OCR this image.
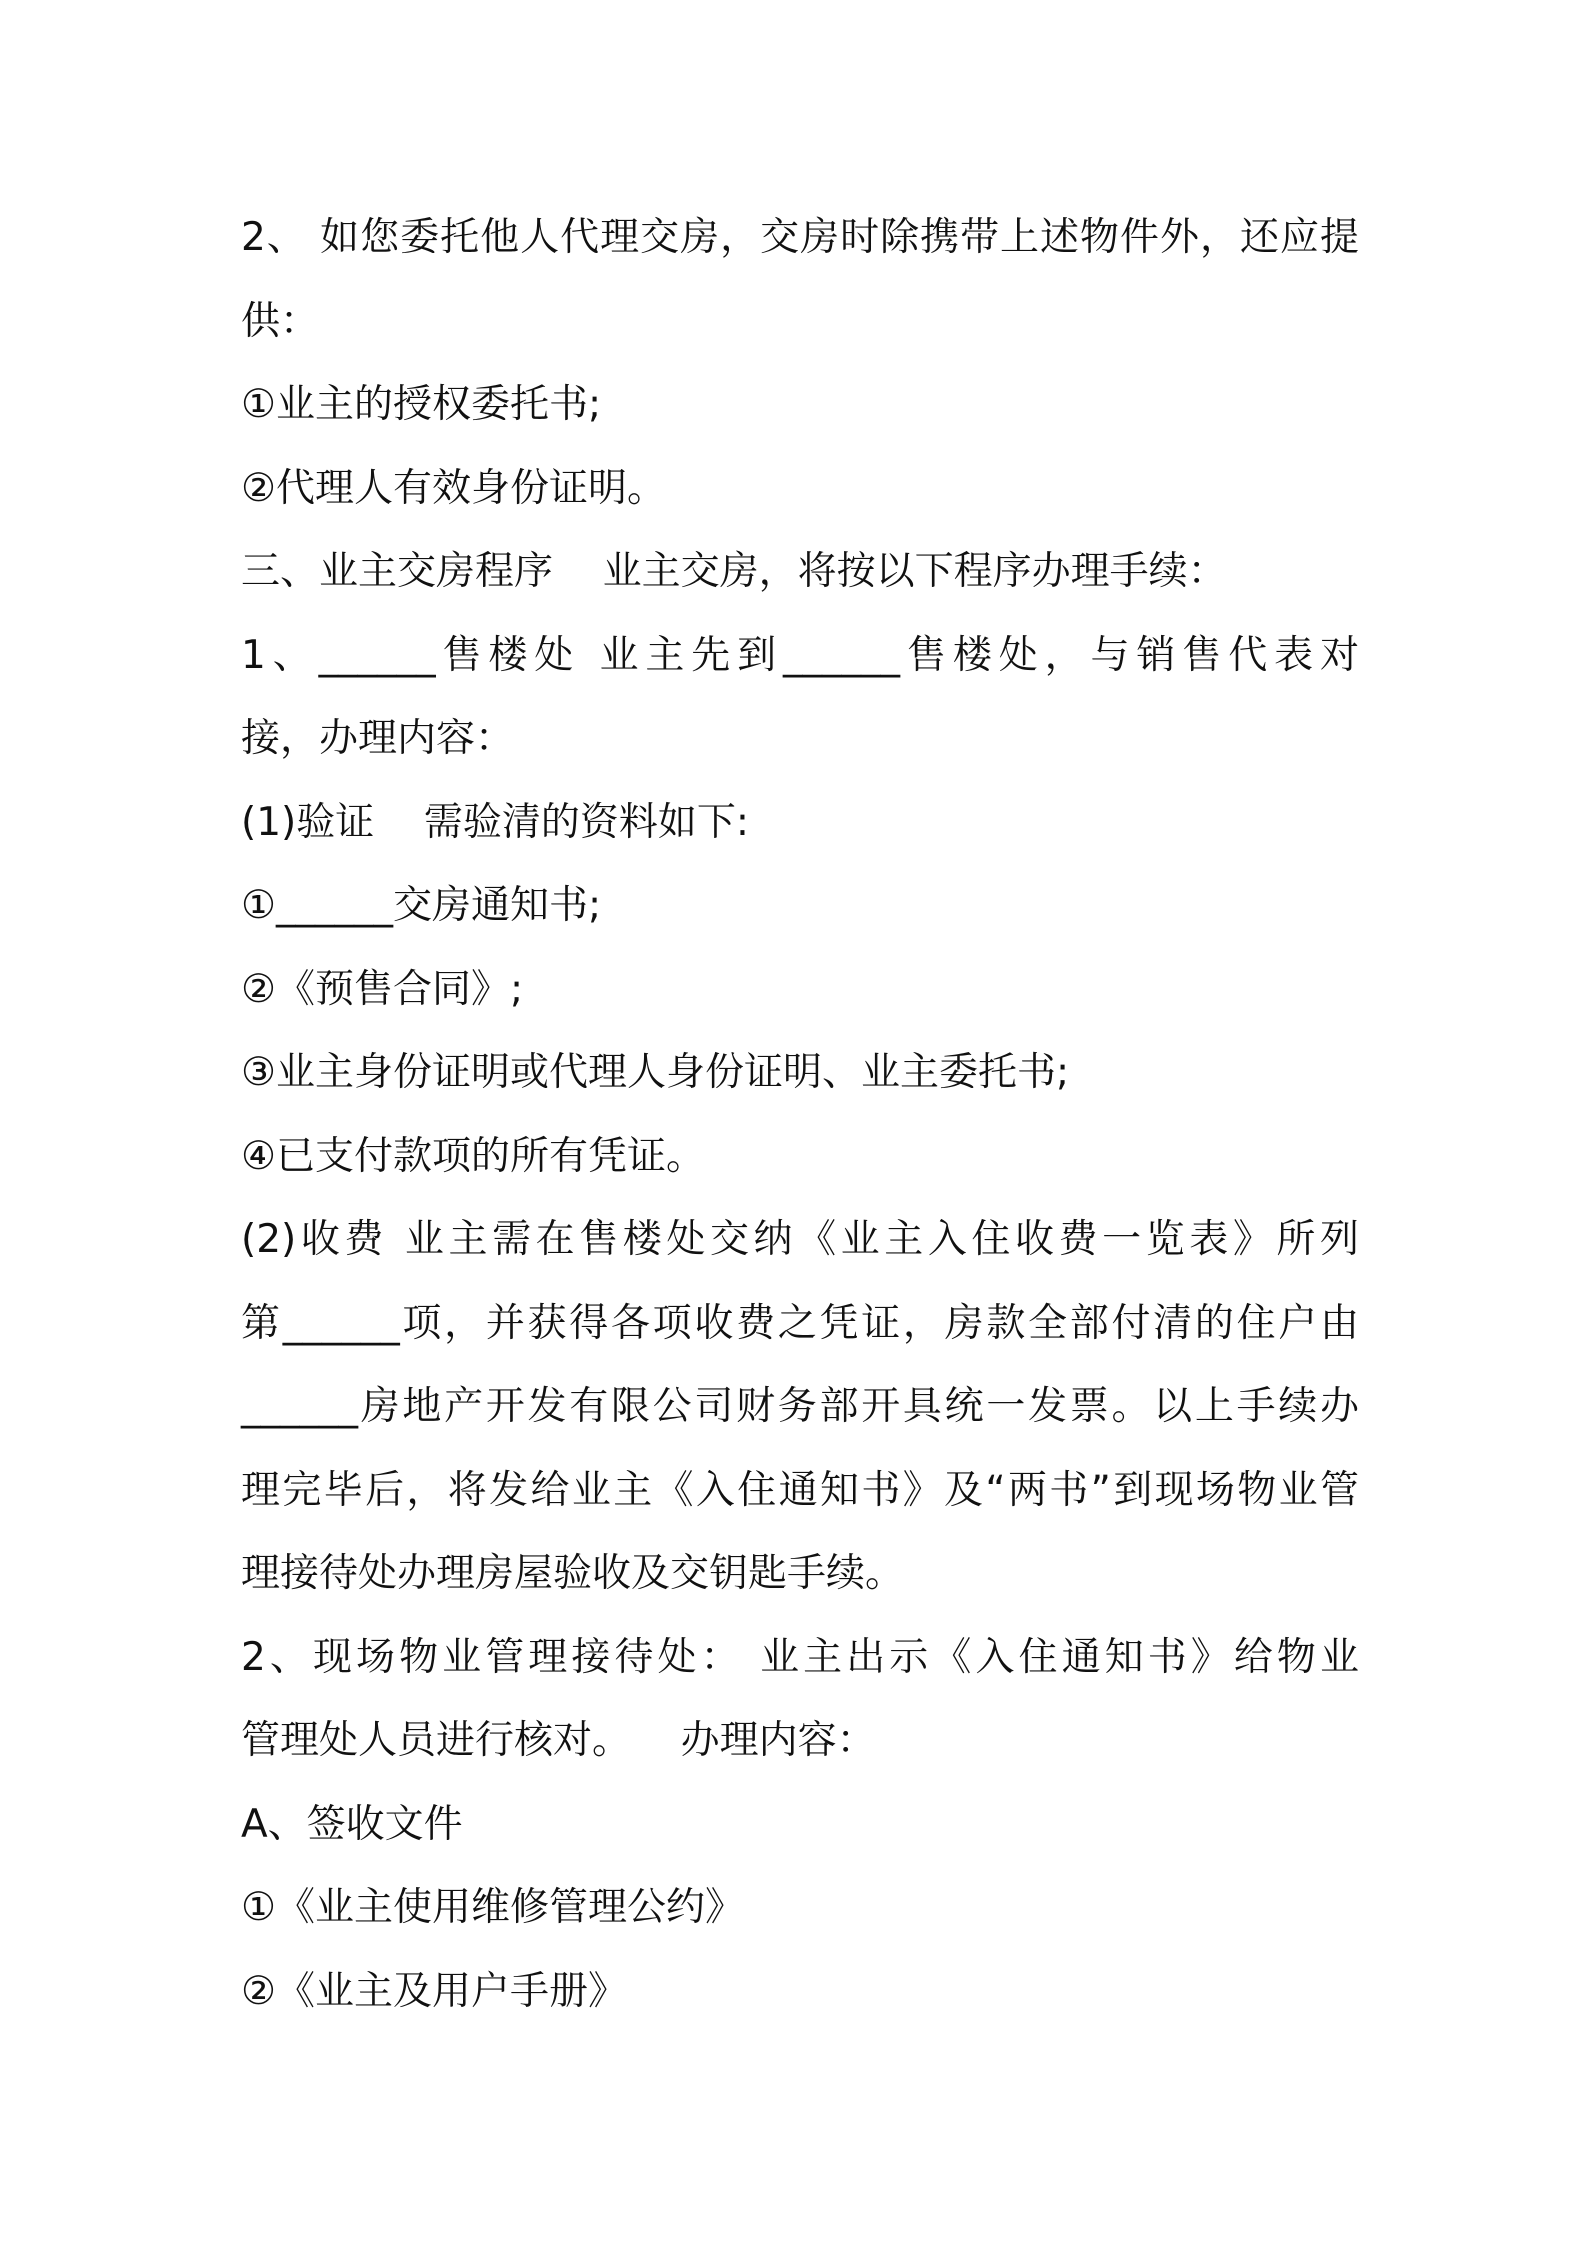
2、 如您委托他人代理交房，交房时除携带上述物件外，还应提
供：
①业主的授权委托书;
②代理人有效身份证明。
三、业主交房程序    业主交房，将按以下程序办理手续：
1、______售楼处 业主先到______售楼处，与销售代表对
接，办理内容：
(1)验证    需验清的资料如下:
①______交房通知书;
②《预售合同》;
③业主身份证明或代理人身份证明、业主委托书;
④已支付款项的所有凭证。
(2)收费 业主需在售楼处交纳《业主入住收费一览表》所列
第______项，并获得各项收费之凭证，房款全部付清的住户由
______房地产开发有限公司财务部开具统一发票。以上手续办
理完毕后，将发给业主《入住通知书》及“两书”到现场物业管
理接待处办理房屋验收及交钥匙手续。
2、现场物业管理接待处： 业主出示《入住通知书》给物业
管理处人员进行核对。    办理内容：
A、签收文件
①《业主使用维修管理公约》
②《业主及用户手册》
